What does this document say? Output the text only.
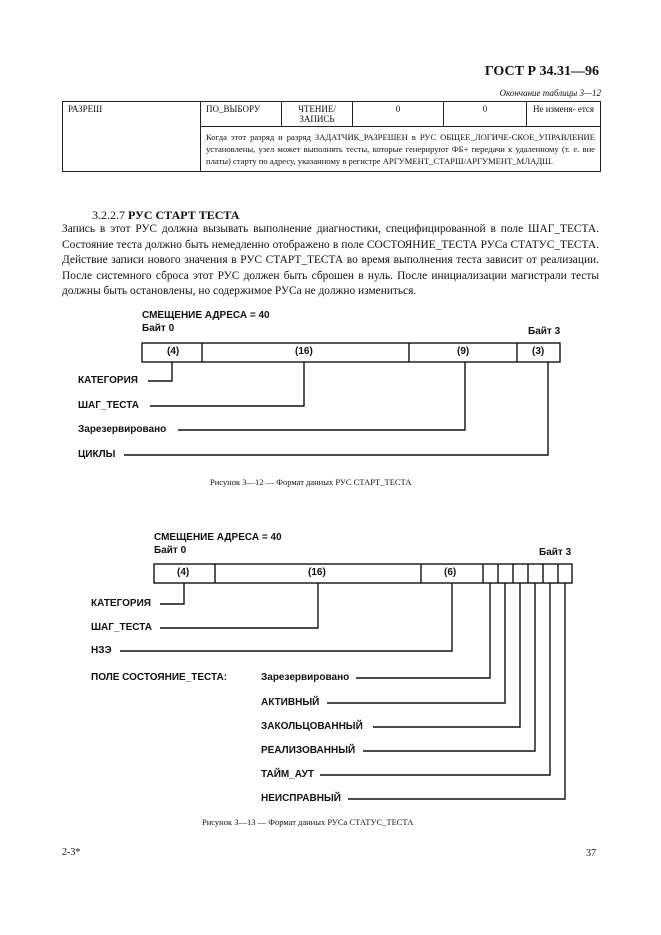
ГОСТ Р 34.31—96
Окончание таблицы 3—12
РАЗРЕШ	ПО_ВЫБОРУ	ЧТЕНИЕ/ ЗАПИСЬ	0	0	Не изменя- ется
Когда этот разряд и разряд ЗАДАТЧИК_РАЗРЕШЕН в РУС ОБЩЕЕ_ЛОГИЧЕ-СКОЕ_УПРАВЛЕНИЕ установлены, узел может выполнять тесты, которые генерируют ФБ+ передачи к удаленному (т. е. вне платы) старту по адресу, указанному в регистре АРГУМЕНТ_СТАРШ/АРГУМЕНТ_МЛАДШ.
3.2.2.7 РУС СТАРТ ТЕСТА
Запись в этот РУС должна вызывать выполнение диагностики, специфицированной в поле ШАГ_ТЕСТА. Состояние теста должно быть немедленно отображено в поле СОСТОЯНИЕ_ТЕСТА РУСа СТАТУС_ТЕСТА. Действие записи нового значения в РУС СТАРТ_ТЕСТА во время выполнения теста зависит от реализации. После системного сброса этот РУС должен быть сброшен в нуль. После инициализации магистрали тесты должны быть остановлены, но содержимое РУСа не должно измениться.
СМЕЩЕНИЕ АДРЕСА = 40
Байт 0	Байт 3
(4)	(16)	(9)	(3)
КАТЕГОРИЯ
ШАГ_ТЕСТА
Зарезервировано
ЦИКЛЫ
Рисунок 3—12 — Формат данных РУС СТАРТ_ТЕСТА
СМЕЩЕНИЕ АДРЕСА = 40
Байт 0	Байт 3
(4)	(16)	(6)
КАТЕГОРИЯ
ШАГ_ТЕСТА
НЗЭ
ПОЛЕ СОСТОЯНИЕ_ТЕСТА:	Зарезервировано
АКТИВНЫЙ
ЗАКОЛЬЦОВАННЫЙ
РЕАЛИЗОВАННЫЙ
ТАЙМ_АУТ
НЕИСПРАВНЫЙ
Рисунок 3—13 — Формат данных РУСа СТАТУС_ТЕСТА
2-3*	37
